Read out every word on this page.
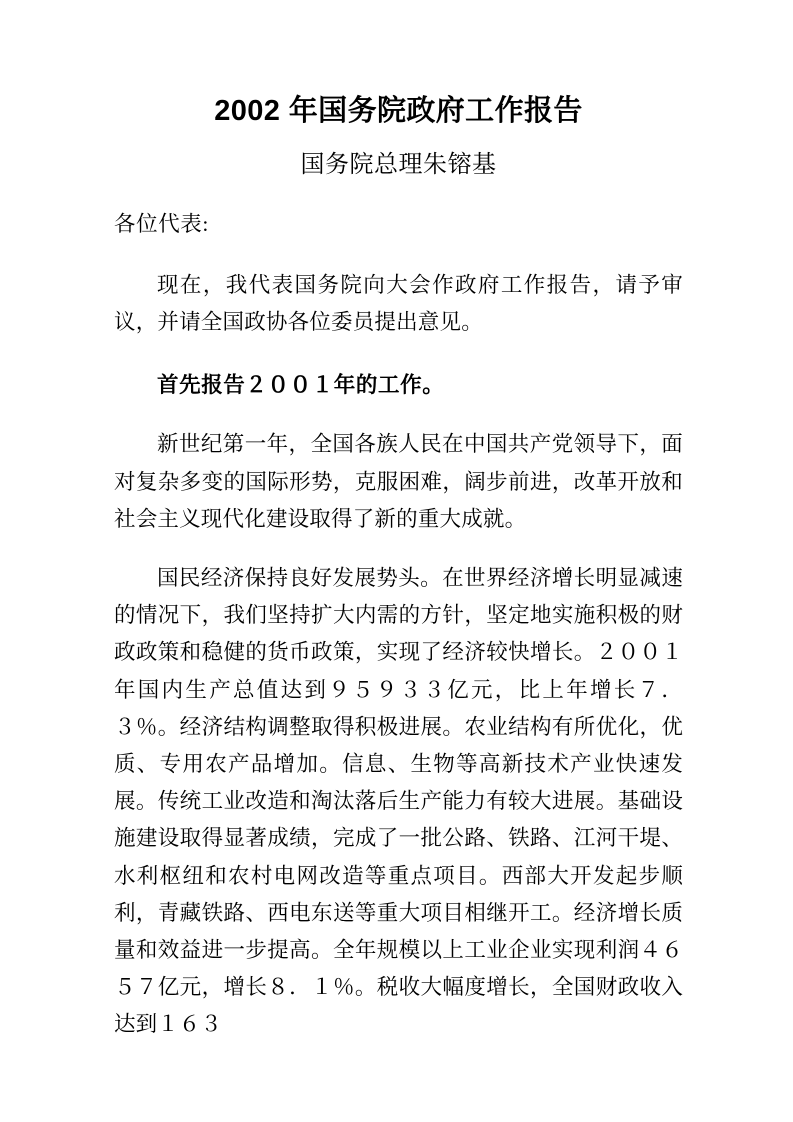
2002 年国务院政府工作报告
国务院总理朱镕基

各位代表:

现在，我代表国务院向大会作政府工作报告，请予审议，并请全国政协各位委员提出意见。

首先报告２００１年的工作。

新世纪第一年，全国各族人民在中国共产党领导下，面对复杂多变的国际形势，克服困难，阔步前进，改革开放和社会主义现代化建设取得了新的重大成就。

国民经济保持良好发展势头。在世界经济增长明显减速的情况下，我们坚持扩大内需的方针，坚定地实施积极的财政政策和稳健的货币政策，实现了经济较快增长。２００１年国内生产总值达到９５９３３亿元，比上年增长７．３％。经济结构调整取得积极进展。农业结构有所优化，优质、专用农产品增加。信息、生物等高新技术产业快速发展。传统工业改造和淘汰落后生产能力有较大进展。基础设施建设取得显著成绩，完成了一批公路、铁路、江河干堤、水利枢纽和农村电网改造等重点项目。西部大开发起步顺利，青藏铁路、西电东送等重大项目相继开工。经济增长质量和效益进一步提高。全年规模以上工业企业实现利润４６５７亿元，增长８．１％。税收大幅度增长，全国财政收入达到１６３
